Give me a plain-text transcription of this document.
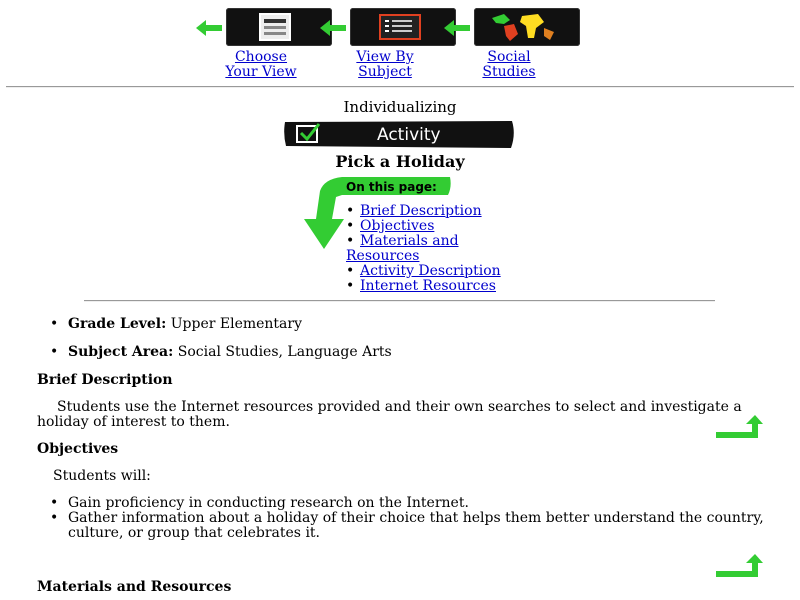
Choose
Your View
View By
Subject
Social
Studies
Individualizing
Activity
Pick a Holiday
On this page:
• Brief Description
• Objectives
• Materials and Resources
• Activity Description
• Internet Resources
• Grade Level: Upper Elementary
• Subject Area: Social Studies, Language Arts
Brief Description
Students use the Internet resources provided and their own searches to select and investigate a holiday of interest to them.
Objectives
Students will:
• Gain proficiency in conducting research on the Internet.
• Gather information about a holiday of their choice that helps them better understand the country, culture, or group that celebrates it.
Materials and Resources
